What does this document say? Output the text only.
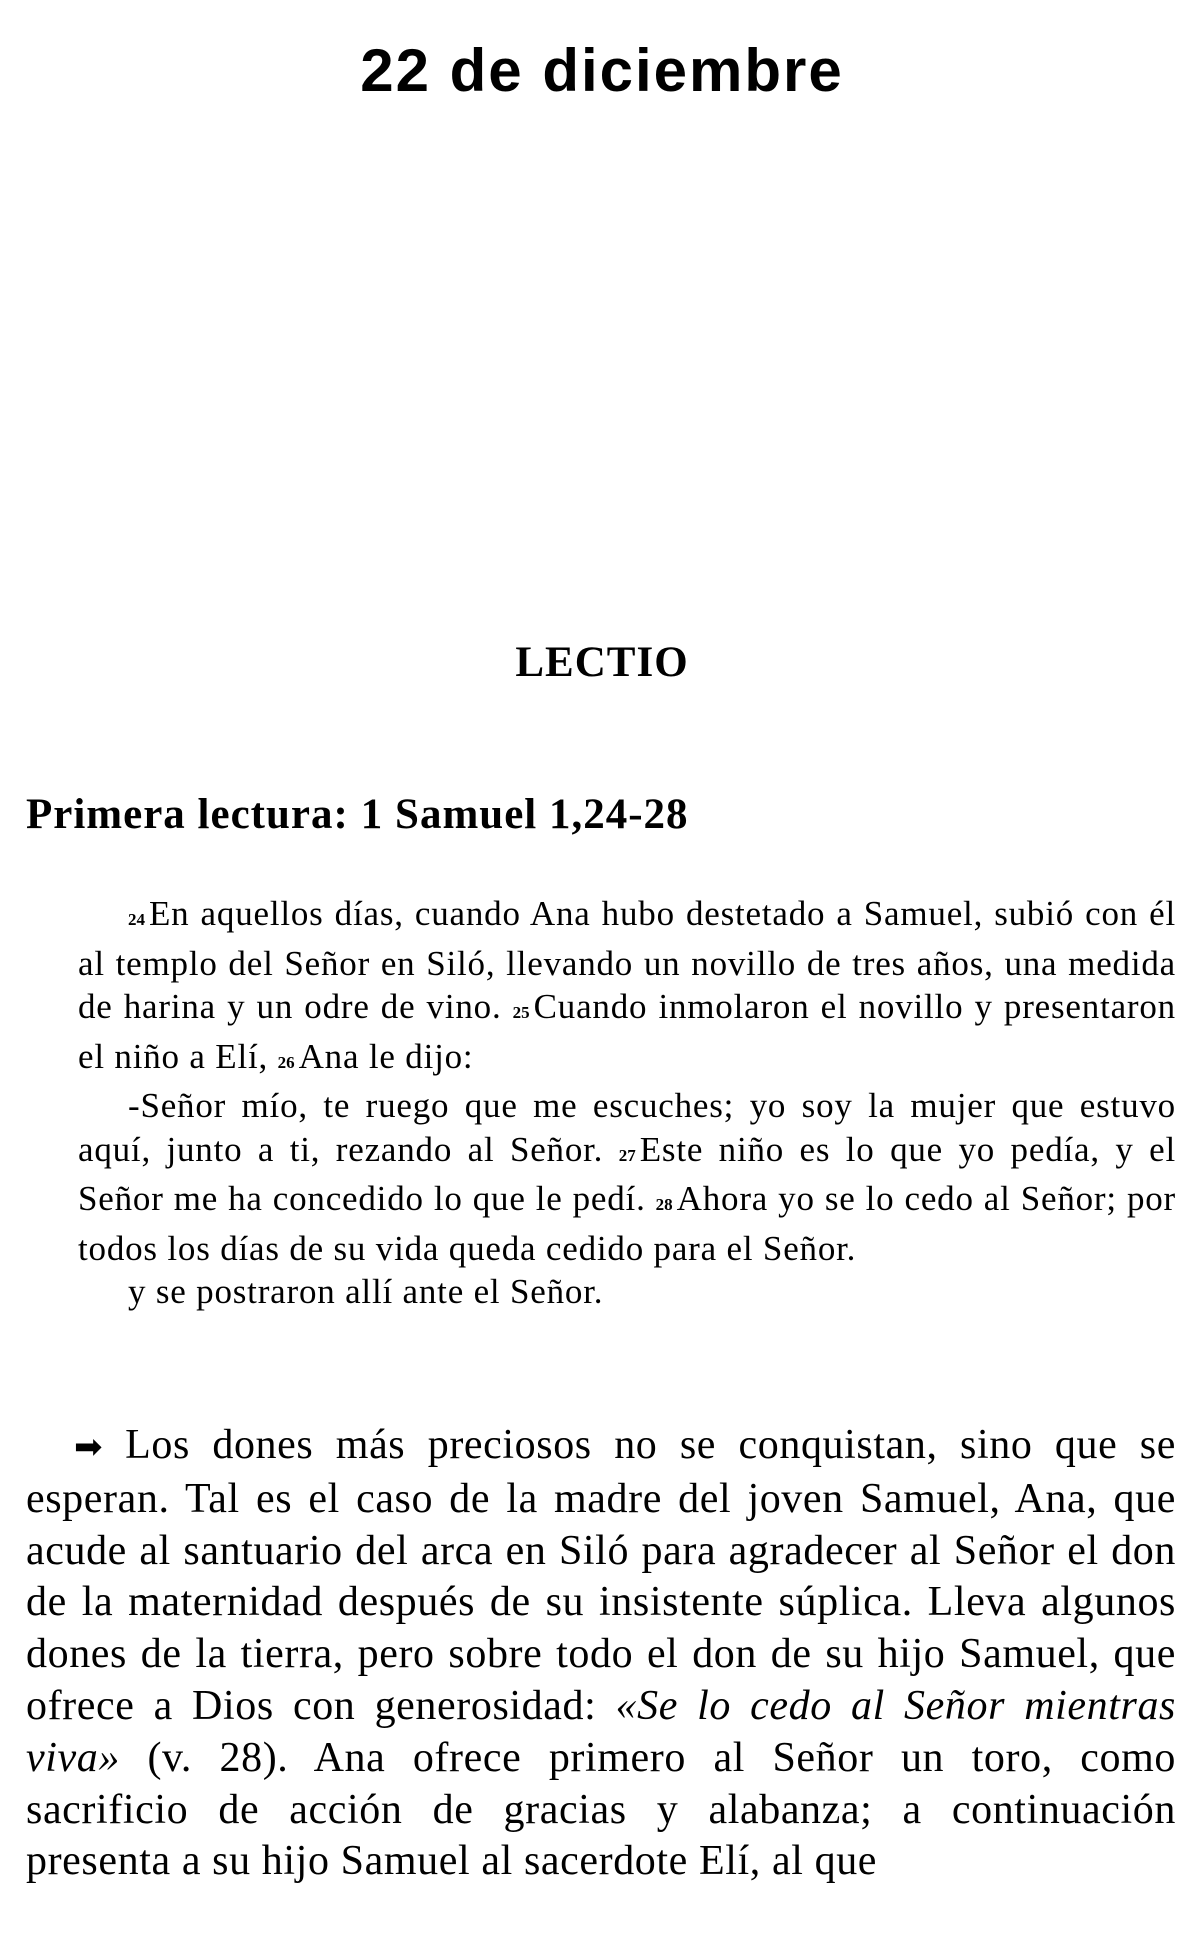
22 de diciembre
LECTIO
Primera lectura: 1 Samuel 1,24-28

24 En aquellos días, cuando Ana hubo destetado a Samuel, subió con él al templo del Señor en Siló, llevando un novillo de tres años, una medida de harina y un odre de vino. 25 Cuando inmolaron el novillo y presentaron el niño a Elí, 26 Ana le dijo:

-Señor mío, te ruego que me escuches; yo soy la mujer que estuvo aquí, junto a ti, rezando al Señor. 27 Este niño es lo que yo pedía, y el Señor me ha concedido lo que le pedí. 28 Ahora yo se lo cedo al Señor; por todos los días de su vida queda cedido para el Señor.

y se postraron allí ante el Señor.

➡ Los dones más preciosos no se conquistan, sino que se esperan. Tal es el caso de la madre del joven Samuel, Ana, que acude al santuario del arca en Siló para agradecer al Señor el don de la maternidad después de su insistente súplica. Lleva algunos dones de la tierra, pero sobre todo el don de su hijo Samuel, que ofrece a Dios con generosidad: «Se lo cedo al Señor mientras viva» (v. 28). Ana ofrece primero al Señor un toro, como sacrificio de acción de gracias y alabanza; a continuación presenta a su hijo Samuel al sacerdote Elí, al que
